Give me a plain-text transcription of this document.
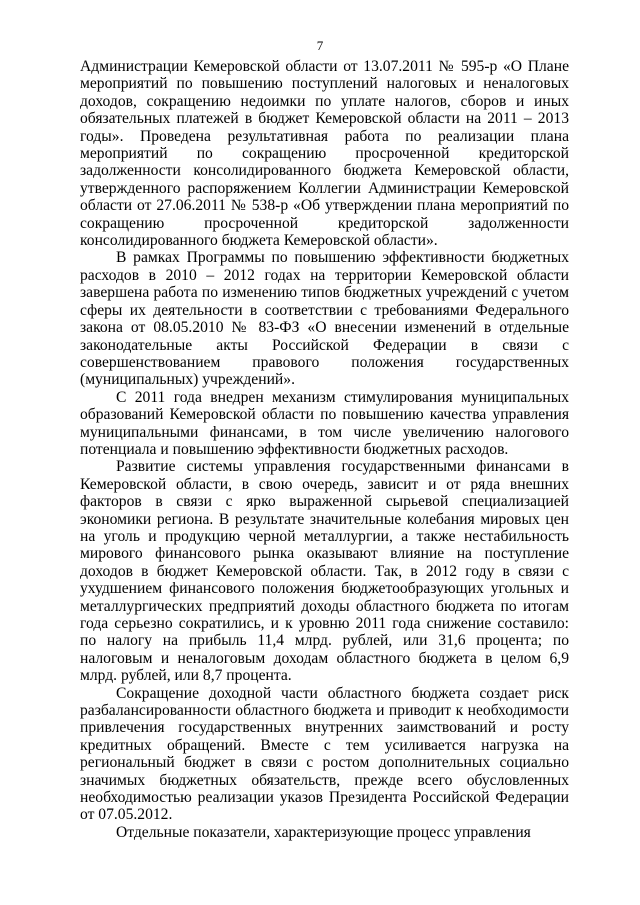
7

Администрации Кемеровской области от 13.07.2011 № 595-р «О Плане мероприятий по повышению поступлений налоговых и неналоговых доходов, сокращению недоимки по уплате налогов, сборов и иных обязательных платежей в бюджет Кемеровской области на 2011 – 2013 годы». Проведена результативная работа по реализации плана мероприятий по сокращению просроченной кредиторской задолженности консолидированного бюджета Кемеровской области, утвержденного распоряжением Коллегии Администрации Кемеровской области от 27.06.2011 № 538-р «Об утверждении плана мероприятий по сокращению просроченной кредиторской задолженности консолидированного бюджета Кемеровской области».

В рамках Программы по повышению эффективности бюджетных расходов в 2010 – 2012 годах на территории Кемеровской области завершена работа по изменению типов бюджетных учреждений с учетом сферы их деятельности в соответствии с требованиями Федерального закона от 08.05.2010 № 83-ФЗ «О внесении изменений в отдельные законодательные акты Российской Федерации в связи с совершенствованием правового положения государственных (муниципальных) учреждений».

С 2011 года внедрен механизм стимулирования муниципальных образований Кемеровской области по повышению качества управления муниципальными финансами, в том числе увеличению налогового потенциала и повышению эффективности бюджетных расходов.

Развитие системы управления государственными финансами в Кемеровской области, в свою очередь, зависит и от ряда внешних факторов в связи с ярко выраженной сырьевой специализацией экономики региона. В результате значительные колебания мировых цен на уголь и продукцию черной металлургии, а также нестабильность мирового финансового рынка оказывают влияние на поступление доходов в бюджет Кемеровской области. Так, в 2012 году в связи с ухудшением финансового положения бюджетообразующих угольных и металлургических предприятий доходы областного бюджета по итогам года серьезно сократились, и к уровню 2011 года снижение составило: по налогу на прибыль 11,4 млрд. рублей, или 31,6 процента; по налоговым и неналоговым доходам областного бюджета в целом 6,9 млрд. рублей, или 8,7 процента.

Сокращение доходной части областного бюджета создает риск разбалансированности областного бюджета и приводит к необходимости привлечения государственных внутренних заимствований и росту кредитных обращений. Вместе с тем усиливается нагрузка на региональный бюджет в связи с ростом дополнительных социально значимых бюджетных обязательств, прежде всего обусловленных необходимостью реализации указов Президента Российской Федерации от 07.05.2012.

Отдельные показатели, характеризующие процесс управления
